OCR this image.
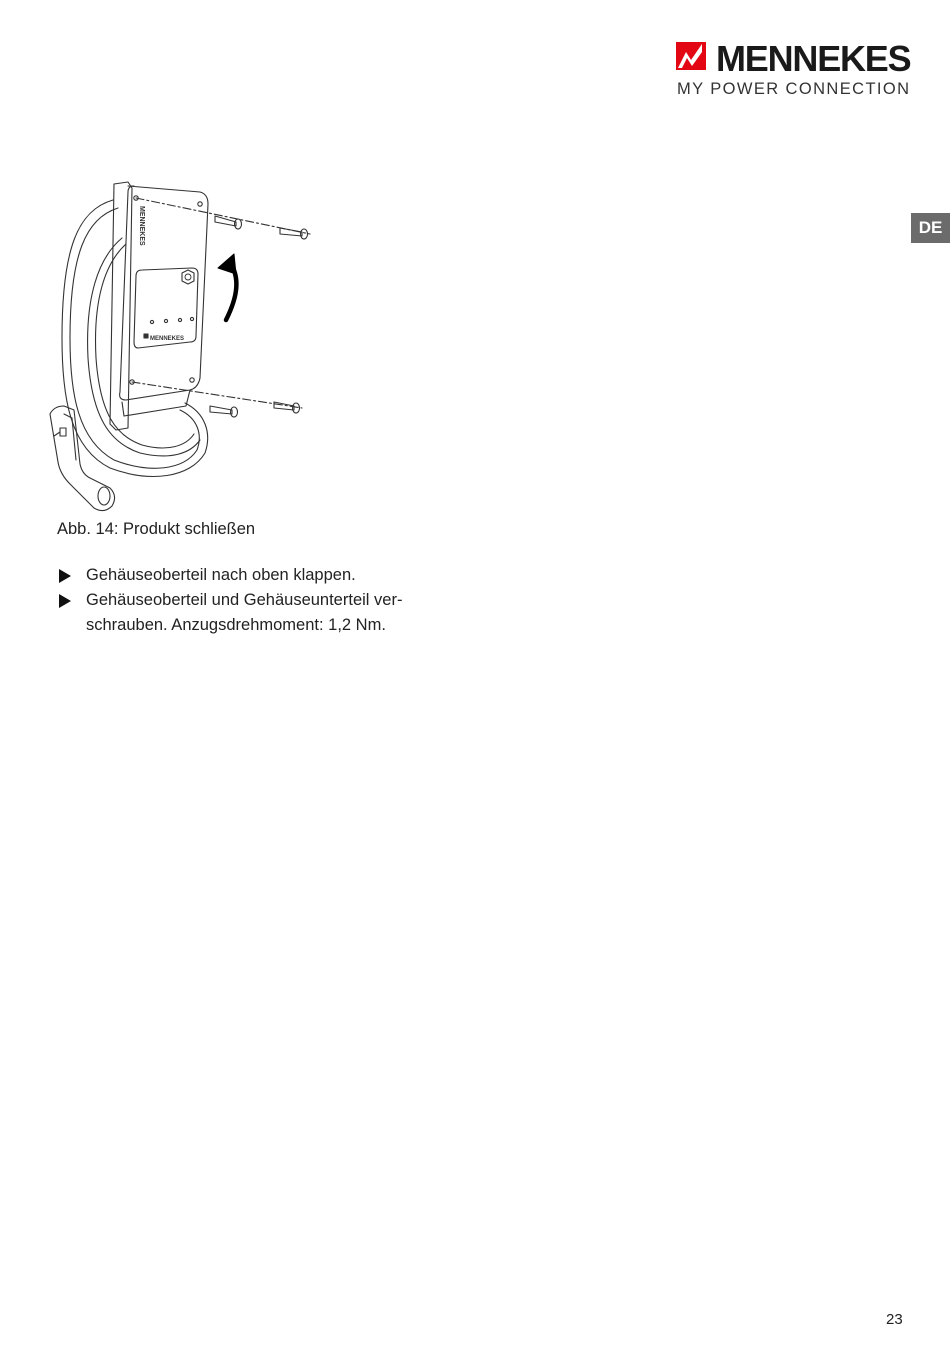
MENNEKES
MY POWER CONNECTION
DE
MENNEKES
MENNEKES
Abb. 14: Produkt schließen
Gehäuseoberteil nach oben klappen.
Gehäuseoberteil und Gehäuseunterteil ver-schrauben. Anzugsdrehmoment: 1,2 Nm.
23
